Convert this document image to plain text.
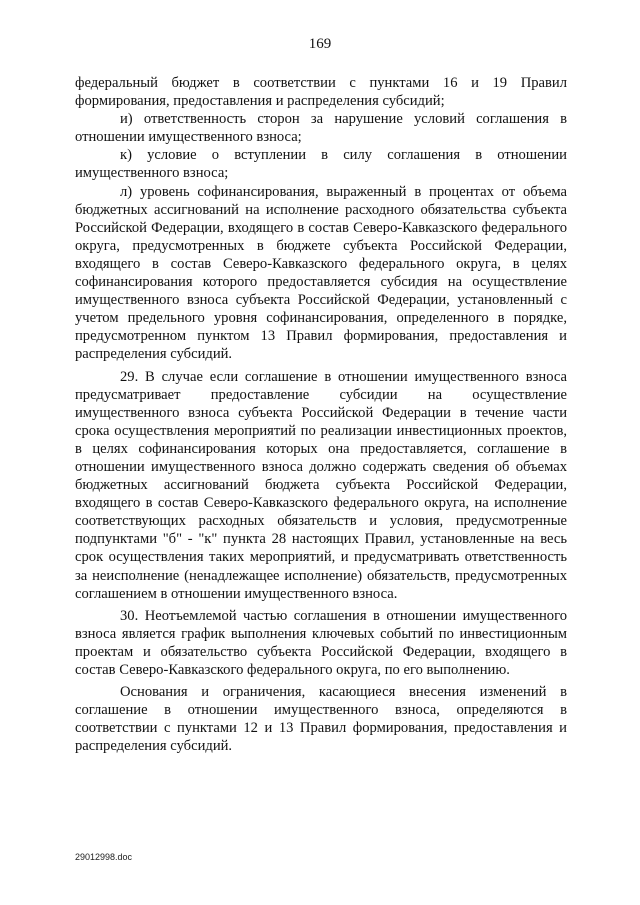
169

федеральный бюджет в соответствии с пунктами 16 и 19 Правил формирования, предоставления и распределения субсидий;

и) ответственность сторон за нарушение условий соглашения в отношении имущественного взноса;

к) условие о вступлении в силу соглашения в отношении имущественного взноса;

л) уровень софинансирования, выраженный в процентах от объема бюджетных ассигнований на исполнение расходного обязательства субъекта Российской Федерации, входящего в состав Северо-Кавказского федерального округа, предусмотренных в бюджете субъекта Российской Федерации, входящего в состав Северо-Кавказского федерального округа, в целях софинансирования которого предоставляется субсидия на осуществление имущественного взноса субъекта Российской Федерации, установленный с учетом предельного уровня софинансирования, определенного в порядке, предусмотренном пунктом 13 Правил формирования, предоставления и распределения субсидий.

29. В случае если соглашение в отношении имущественного взноса предусматривает предоставление субсидии на осуществление имущественного взноса субъекта Российской Федерации в течение части срока осуществления мероприятий по реализации инвестиционных проектов, в целях софинансирования которых она предоставляется, соглашение в отношении имущественного взноса должно содержать сведения об объемах бюджетных ассигнований бюджета субъекта Российской Федерации, входящего в состав Северо-Кавказского федерального округа, на исполнение соответствующих расходных обязательств и условия, предусмотренные подпунктами "б" - "к" пункта 28 настоящих Правил, установленные на весь срок осуществления таких мероприятий, и предусматривать ответственность за неисполнение (ненадлежащее исполнение) обязательств, предусмотренных соглашением в отношении имущественного взноса.

30. Неотъемлемой частью соглашения в отношении имущественного взноса является график выполнения ключевых событий по инвестиционным проектам и обязательство субъекта Российской Федерации, входящего в состав Северо-Кавказского федерального округа, по его выполнению.

Основания и ограничения, касающиеся внесения изменений в соглашение в отношении имущественного взноса, определяются в соответствии с пунктами 12 и 13 Правил формирования, предоставления и распределения субсидий.

29012998.doc
